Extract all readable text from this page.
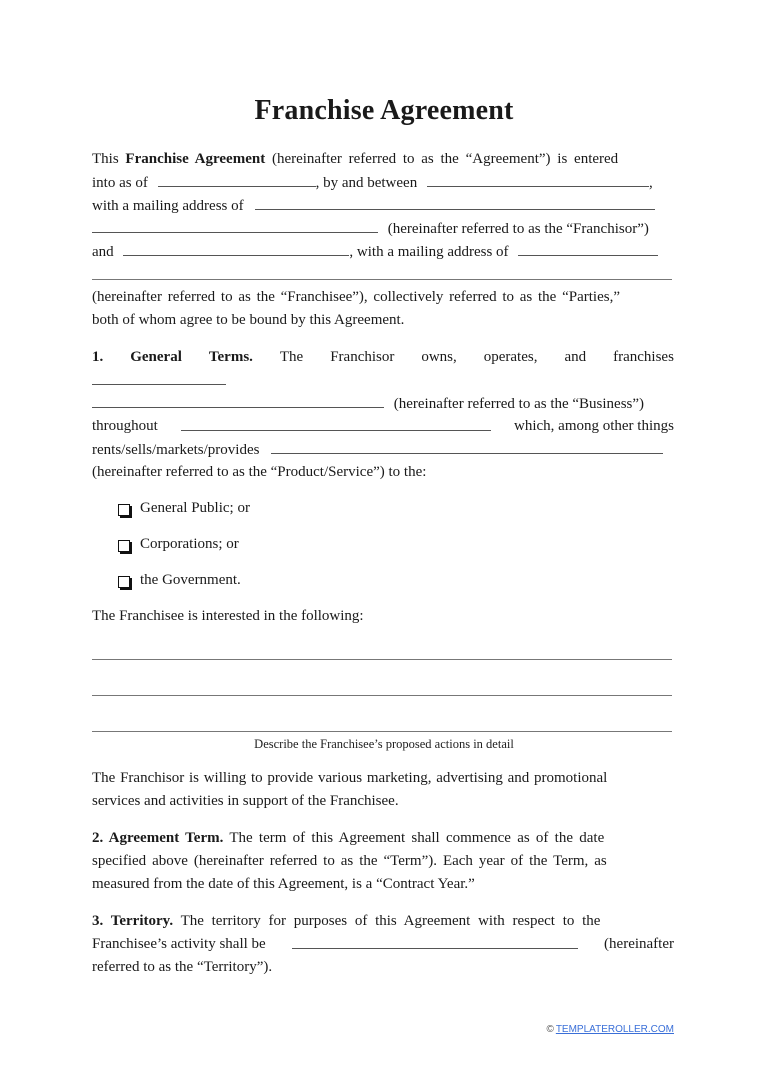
Franchise Agreement
This Franchise Agreement (hereinafter referred to as the “Agreement”) is entered
into as of	, by and between	,
with a mailing address of
(hereinafter referred to as the “Franchisor”)
and	, with a mailing address of
(hereinafter referred to as the “Franchisee”), collectively referred to as the “Parties,”
both of whom agree to be bound by this Agreement.
1. General Terms. The Franchisor owns, operates, and franchises
(hereinafter referred to as the “Business”)
throughout	which, among other things
rents/sells/markets/provides
(hereinafter referred to as the “Product/Service”) to the:
General Public; or
Corporations; or
the Government.
The Franchisee is interested in the following:
Describe the Franchisee’s proposed actions in detail
The Franchisor is willing to provide various marketing, advertising and promotional
services and activities in support of the Franchisee.
2. Agreement Term. The term of this Agreement shall commence as of the date
specified above (hereinafter referred to as the “Term”). Each year of the Term, as
measured from the date of this Agreement, is a “Contract Year.”
3. Territory. The territory for purposes of this Agreement with respect to the
Franchisee’s activity shall be	(hereinafter
referred to as the “Territory”).
© TEMPLATEROLLER.COM
